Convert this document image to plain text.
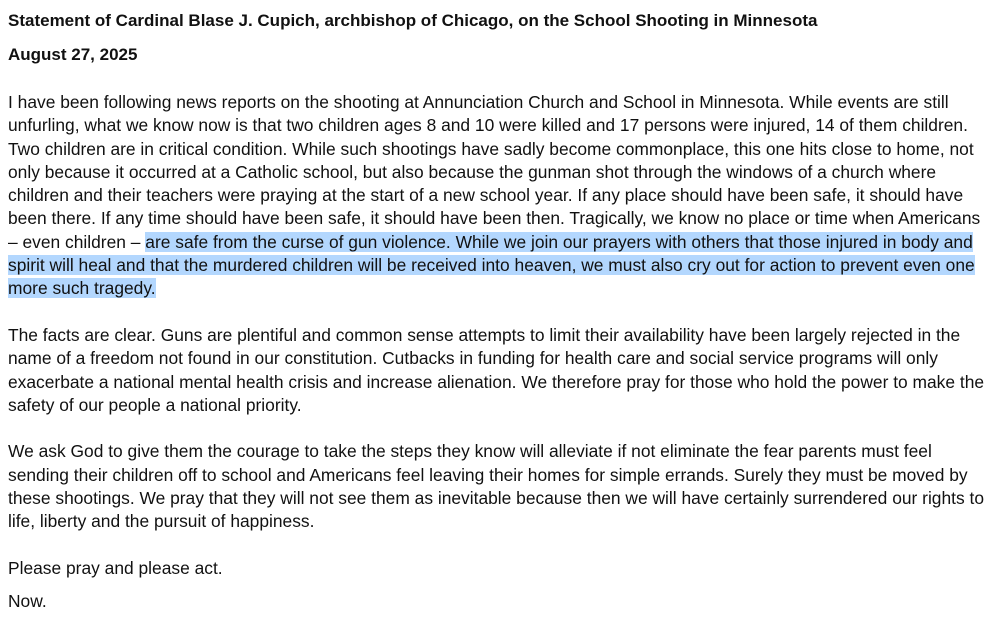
Statement of Cardinal Blase J. Cupich, archbishop of Chicago, on the School Shooting in Minnesota
August 27, 2025

I have been following news reports on the shooting at Annunciation Church and School in Minnesota. While events are still unfurling, what we know now is that two children ages 8 and 10 were killed and 17 persons were injured, 14 of them children. Two children are in critical condition. While such shootings have sadly become commonplace, this one hits close to home, not only because it occurred at a Catholic school, but also because the gunman shot through the windows of a church where children and their teachers were praying at the start of a new school year. If any place should have been safe, it should have been there. If any time should have been safe, it should have been then. Tragically, we know no place or time when Americans – even children – are safe from the curse of gun violence. While we join our prayers with others that those injured in body and spirit will heal and that the murdered children will be received into heaven, we must also cry out for action to prevent even one more such tragedy.

The facts are clear. Guns are plentiful and common sense attempts to limit their availability have been largely rejected in the name of a freedom not found in our constitution. Cutbacks in funding for health care and social service programs will only exacerbate a national mental health crisis and increase alienation. We therefore pray for those who hold the power to make the safety of our people a national priority.

We ask God to give them the courage to take the steps they know will alleviate if not eliminate the fear parents must feel sending their children off to school and Americans feel leaving their homes for simple errands. Surely they must be moved by these shootings. We pray that they will not see them as inevitable because then we will have certainly surrendered our rights to life, liberty and the pursuit of happiness.

Please pray and please act.

Now.
